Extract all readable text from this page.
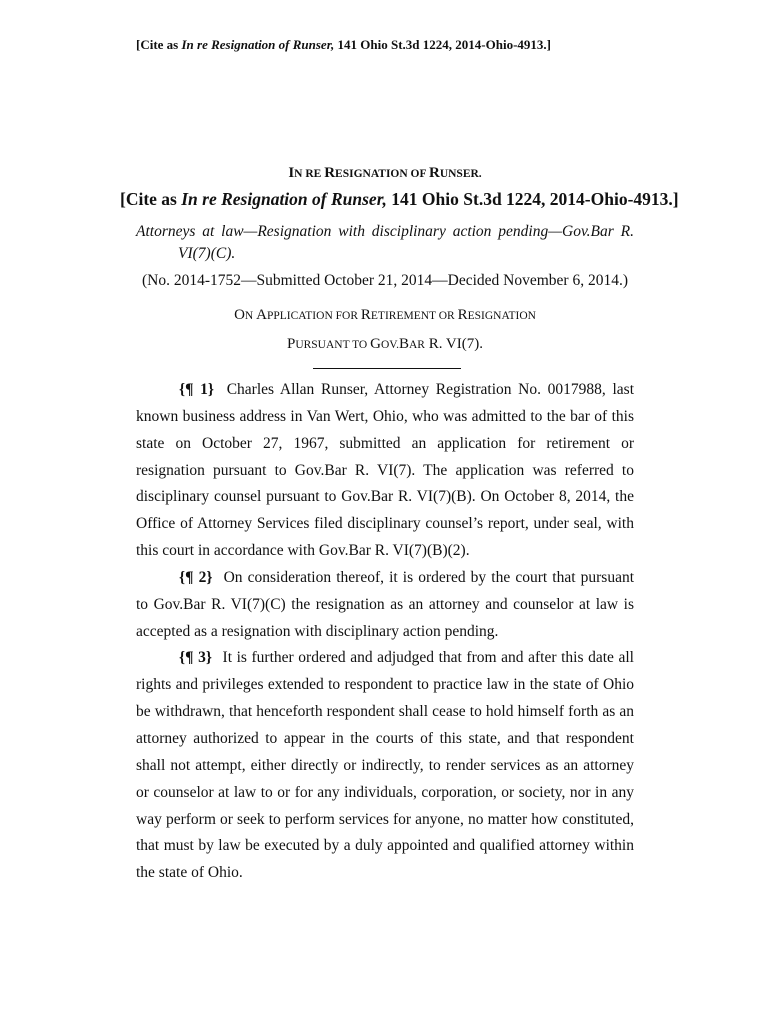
[Cite as In re Resignation of Runser, 141 Ohio St.3d 1224, 2014-Ohio-4913.]
IN RE RESIGNATION OF RUNSER.
[Cite as In re Resignation of Runser, 141 Ohio St.3d 1224, 2014-Ohio-4913.]
Attorneys at law—Resignation with disciplinary action pending—Gov.Bar R.
VI(7)(C).
(No. 2014-1752—Submitted October 21, 2014—Decided November 6, 2014.)
ON APPLICATION FOR RETIREMENT OR RESIGNATION
PURSUANT TO GOV.BAR R. VI(7).

{¶ 1} Charles Allan Runser, Attorney Registration No. 0017988, last known business address in Van Wert, Ohio, who was admitted to the bar of this state on October 27, 1967, submitted an application for retirement or resignation pursuant to Gov.Bar R. VI(7). The application was referred to disciplinary counsel pursuant to Gov.Bar R. VI(7)(B). On October 8, 2014, the Office of Attorney Services filed disciplinary counsel’s report, under seal, with this court in accordance with Gov.Bar R. VI(7)(B)(2).

{¶ 2} On consideration thereof, it is ordered by the court that pursuant to Gov.Bar R. VI(7)(C) the resignation as an attorney and counselor at law is accepted as a resignation with disciplinary action pending.

{¶ 3} It is further ordered and adjudged that from and after this date all rights and privileges extended to respondent to practice law in the state of Ohio be withdrawn, that henceforth respondent shall cease to hold himself forth as an attorney authorized to appear in the courts of this state, and that respondent shall not attempt, either directly or indirectly, to render services as an attorney or counselor at law to or for any individuals, corporation, or society, nor in any way perform or seek to perform services for anyone, no matter how constituted, that must by law be executed by a duly appointed and qualified attorney within the state of Ohio.
